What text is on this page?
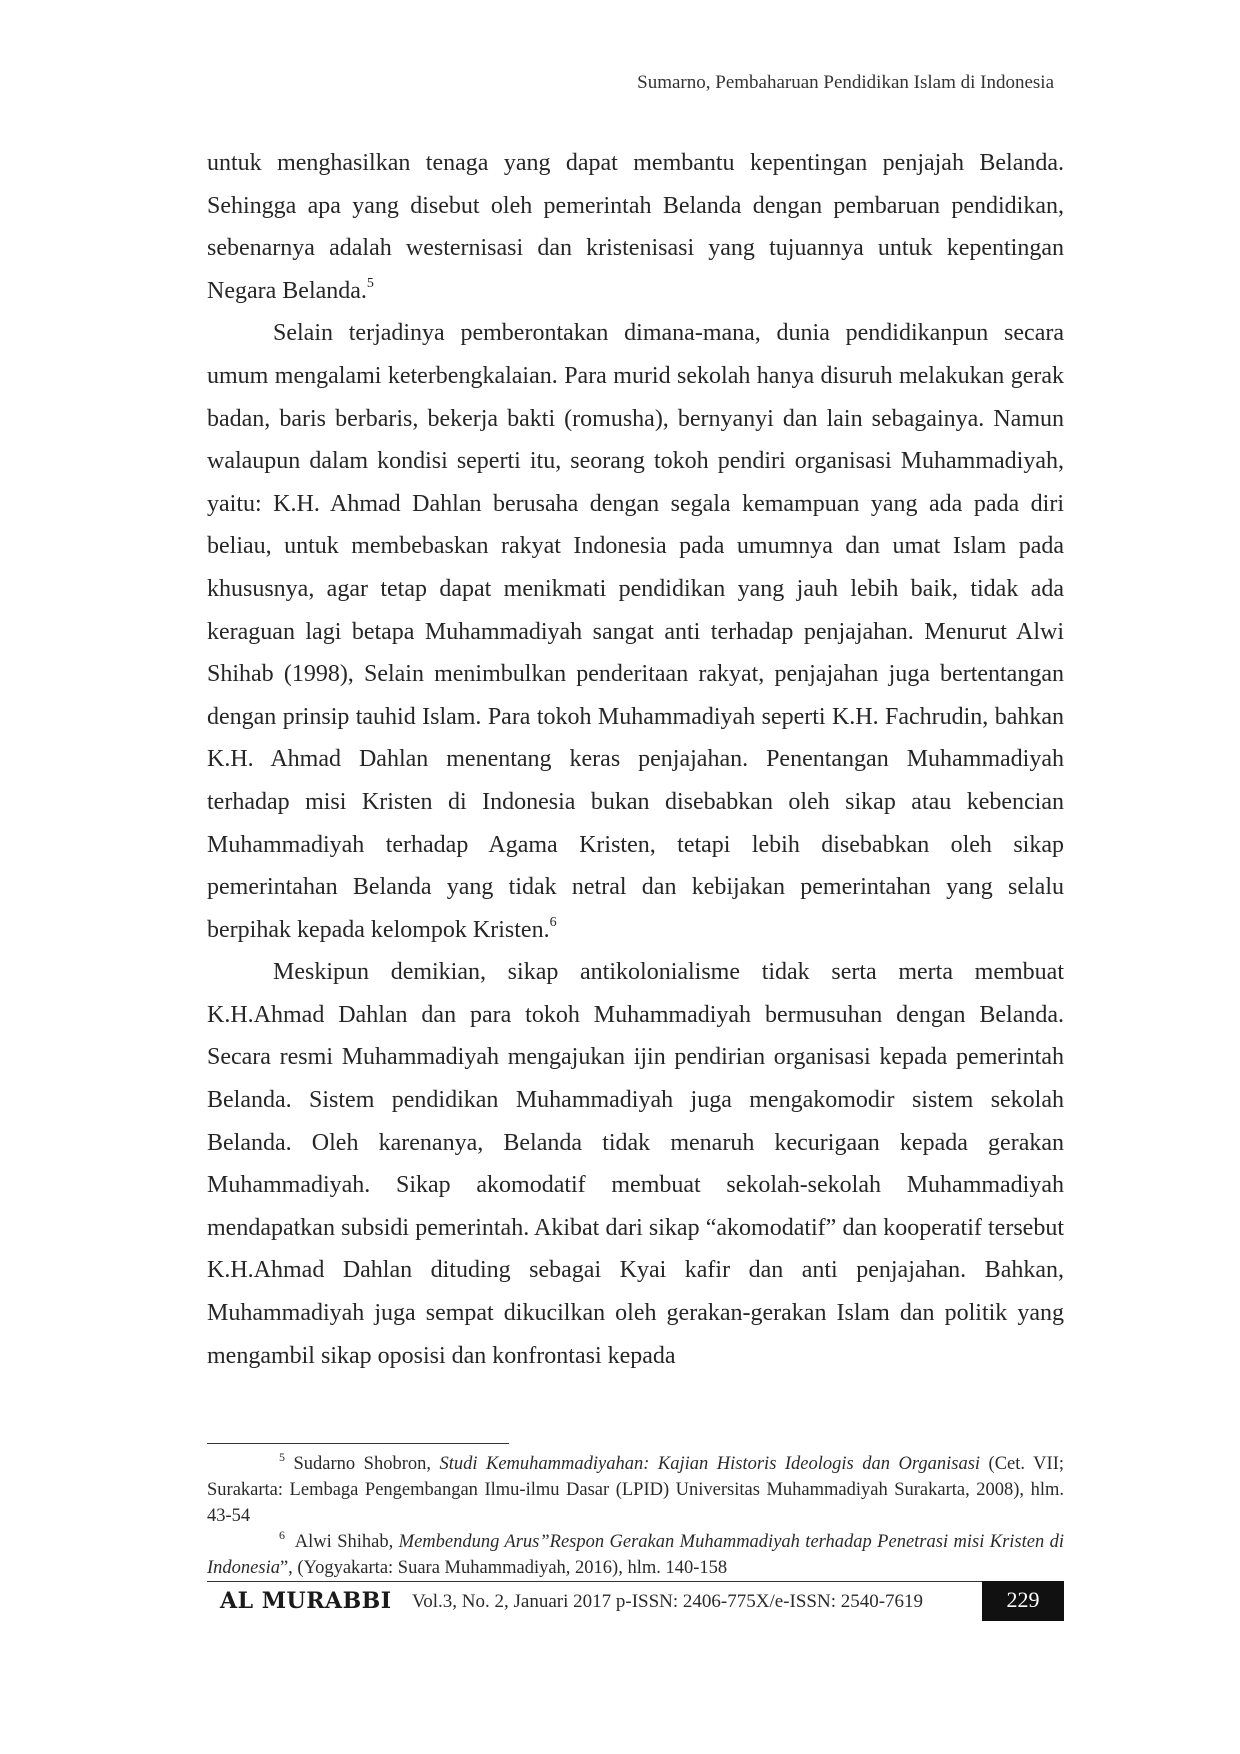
Sumarno, Pembaharuan Pendidikan Islam di Indonesia

untuk menghasilkan tenaga yang dapat membantu kepentingan penjajah Belanda. Sehingga apa yang disebut oleh pemerintah Belanda dengan pembaruan pendidikan, sebenarnya adalah westernisasi dan kristenisasi yang tujuannya untuk kepentingan Negara Belanda.$^5$

Selain terjadinya pemberontakan dimana-mana, dunia pendidikanpun secara umum mengalami keterbengkalaian. Para murid sekolah hanya disuruh melakukan gerak badan, baris berbaris, bekerja bakti (romusha), bernyanyi dan lain sebagainya. Namun walaupun dalam kondisi seperti itu, seorang tokoh pendiri organisasi Muhammadiyah, yaitu: K.H. Ahmad Dahlan berusaha dengan segala kemampuan yang ada pada diri beliau, untuk membebaskan rakyat Indonesia pada umumnya dan umat Islam pada khususnya, agar tetap dapat menikmati pendidikan yang jauh lebih baik, tidak ada keraguan lagi betapa Muhammadiyah sangat anti terhadap penjajahan. Menurut Alwi Shihab (1998), Selain menimbulkan penderitaan rakyat, penjajahan juga bertentangan dengan prinsip tauhid Islam. Para tokoh Muhammadiyah seperti K.H. Fachrudin, bahkan K.H. Ahmad Dahlan menentang keras penjajahan. Penentangan Muhammadiyah terhadap misi Kristen di Indonesia bukan disebabkan oleh sikap atau kebencian Muhammadiyah terhadap Agama Kristen, tetapi lebih disebabkan oleh sikap pemerintahan Belanda yang tidak netral dan kebijakan pemerintahan yang selalu berpihak kepada kelompok Kristen.$^6$

Meskipun demikian, sikap antikolonialisme tidak serta merta membuat K.H.Ahmad Dahlan dan para tokoh Muhammadiyah bermusuhan dengan Belanda. Secara resmi Muhammadiyah mengajukan ijin pendirian organisasi kepada pemerintah Belanda. Sistem pendidikan Muhammadiyah juga mengakomodir sistem sekolah Belanda. Oleh karenanya, Belanda tidak menaruh kecurigaan kepada gerakan Muhammadiyah. Sikap akomodatif membuat sekolah-sekolah Muhammadiyah mendapatkan subsidi pemerintah. Akibat dari sikap “akomodatif” dan kooperatif tersebut K.H.Ahmad Dahlan dituding sebagai Kyai kafir dan anti penjajahan. Bahkan, Muhammadiyah juga sempat dikucilkan oleh gerakan-gerakan Islam dan politik yang mengambil sikap oposisi dan konfrontasi kepada

$^5$ Sudarno Shobron, Studi Kemuhammadiyahan: Kajian Historis Ideologis dan Organisasi (Cet. VII; Surakarta: Lembaga Pengembangan Ilmu-ilmu Dasar (LPID) Universitas Muhammadiyah Surakarta, 2008), hlm. 43-54

$^6$ Alwi Shihab, Membendung Arus”Respon Gerakan Muhammadiyah terhadap Penetrasi misi Kristen di Indonesia”, (Yogyakarta: Suara Muhammadiyah, 2016), hlm. 140-158

AL MURABBI Vol.3, No. 2, Januari 2017 p-ISSN: 2406-775X/e-ISSN: 2540-7619	229
